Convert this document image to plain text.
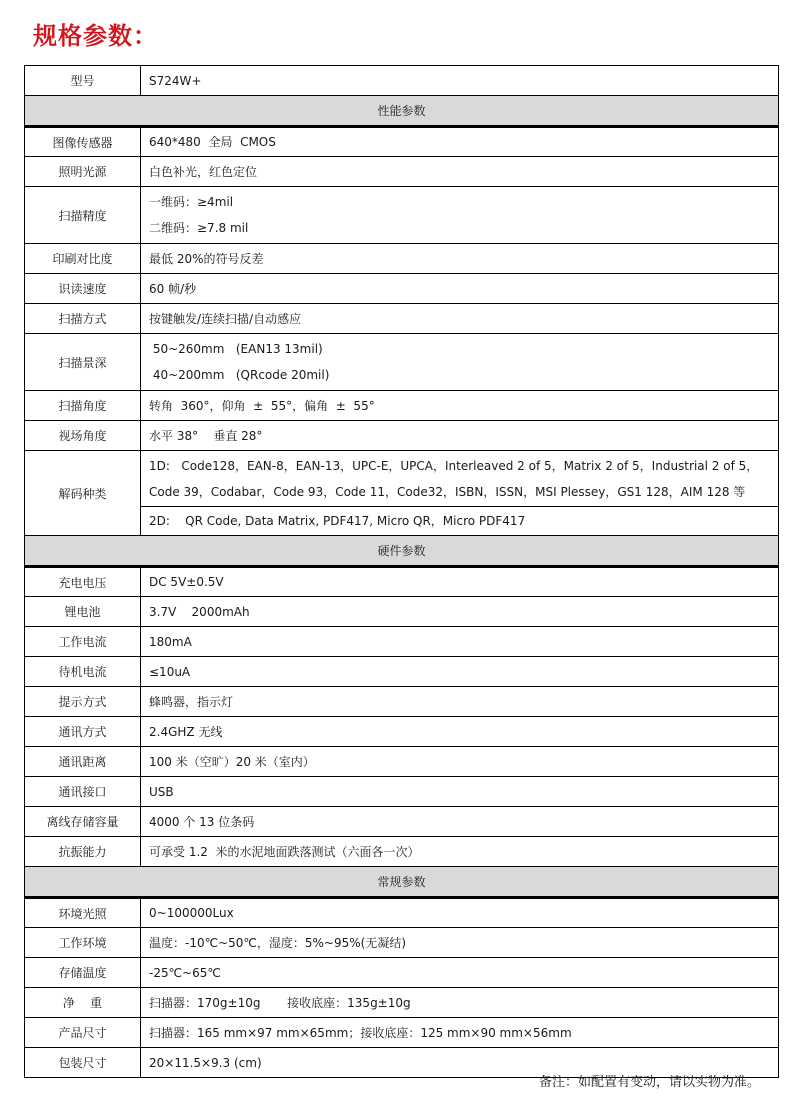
规格参数：
型号	S724W+

性能参数	
图像传感器	640*480  全局  CMOS

照明光源	白色补光，红色定位

扫描精度	一维码：≥4mil
二维码：≥7.8 mil

印刷对比度	最低 20%的符号反差

识读速度	60 帧/秒

扫描方式	按键触发/连续扫描/自动感应

扫描景深	50~260mm   (EAN13 13mil)
40~200mm   (QRcode 20mil)

扫描角度	转角  360°，仰角  ±  55°，偏角  ±  55°

视场角度	水平 38°    垂直 28°

解码种类	1D:   Code128，EAN-8，EAN-13，UPC-E，UPCA，Interleaved 2 of 5，Matrix 2 of 5，Industrial 2 of 5，
Code 39，Codabar，Code 93，Code 11，Code32，ISBN，ISSN，MSI Plessey，GS1 128，AIM 128 等

	2D:    QR Code, Data Matrix, PDF417, Micro QR，Micro PDF417

硬件参数	
充电电压	DC 5V±0.5V

锂电池	3.7V    2000mAh

工作电流	180mA

待机电流	≤10uA

提示方式	蜂鸣器，指示灯

通讯方式	2.4GHZ 无线

通讯距离	100 米（空旷）20 米（室内）

通讯接口	USB

离线存储容量	4000 个 13 位条码

抗振能力	可承受 1.2  米的水泥地面跌落测试（六面各一次）

常规参数	
环境光照	0~100000Lux

工作环境	温度：-10℃~50℃，湿度：5%~95%(无凝结)

存储温度	-25℃~65℃

净    重	扫描器：170g±10g       接收底座：135g±10g

产品尺寸	扫描器：165 mm×97 mm×65mm；接收底座：125 mm×90 mm×56mm

包装尺寸	20×11.5×9.3 (cm)
备注：如配置有变动，请以实物为准。
